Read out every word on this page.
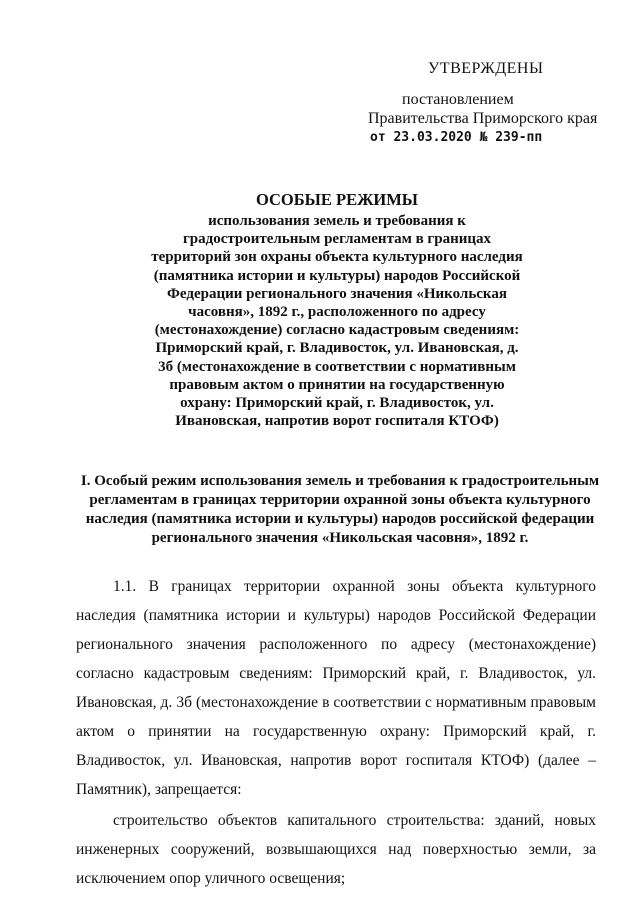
УТВЕРЖДЕНЫ
постановлением
Правительства Приморского края
от 23.03.2020 № 239-пп
ОСОБЫЕ РЕЖИМЫ
использования земель и требования к градостроительным регламентам в границах территорий зон охраны объекта культурного наследия (памятника истории и культуры) народов Российской Федерации регионального значения «Никольская часовня», 1892 г., расположенного по адресу (местонахождение) согласно кадастровым сведениям: Приморский край, г. Владивосток, ул. Ивановская, д. 3б (местонахождение в соответствии с нормативным правовым актом о принятии на государственную охрану: Приморский край, г. Владивосток, ул. Ивановская, напротив ворот госпиталя КТОФ)
I. Особый режим использования земель и требования к градостроительным регламентам в границах территории охранной зоны объекта культурного наследия (памятника истории и культуры) народов российской федерации регионального значения «Никольская часовня», 1892 г.

1.1. В границах территории охранной зоны объекта культурного наследия (памятника истории и культуры) народов Российской Федерации регионального значения расположенного по адресу (местонахождение) согласно кадастровым сведениям: Приморский край, г. Владивосток, ул. Ивановская, д. 3б (местонахождение в соответствии с нормативным правовым актом о принятии на государственную охрану: Приморский край, г. Владивосток, ул. Ивановская, напротив ворот госпиталя КТОФ) (далее – Памятник), запрещается:

строительство объектов капитального строительства: зданий, новых инженерных сооружений, возвышающихся над поверхностью земли, за исключением опор уличного освещения;
